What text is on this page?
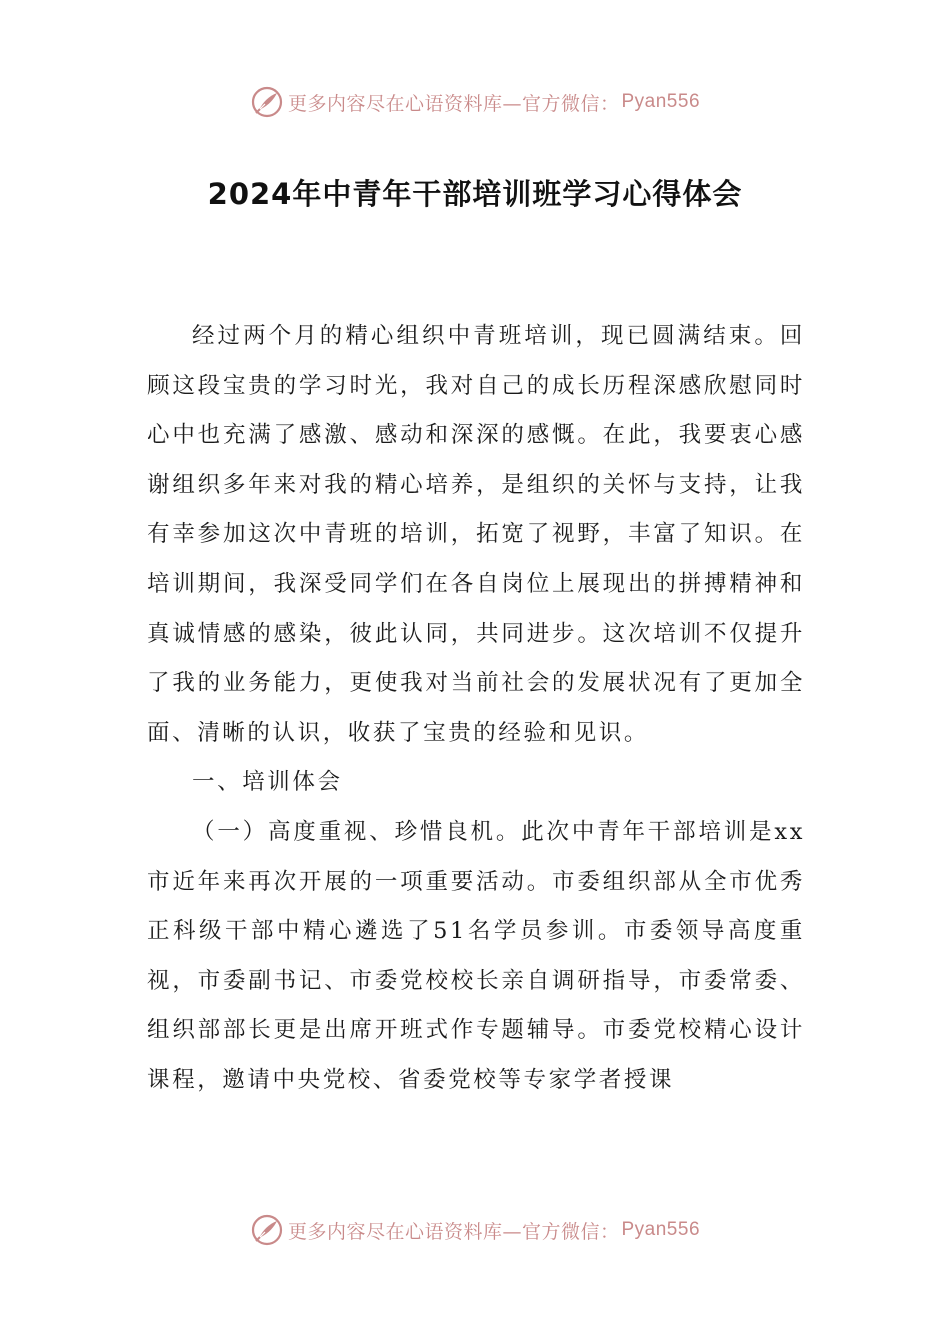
更多内容尽在心语资料库—官方微信： Pyan556
2024年中青年干部培训班学习心得体会

经过两个月的精心组织中青班培训，现已圆满结束。回顾这段宝贵的学习时光，我对自己的成长历程深感欣慰同时心中也充满了感激、感动和深深的感慨。在此，我要衷心感谢组织多年来对我的精心培养，是组织的关怀与支持，让我有幸参加这次中青班的培训，拓宽了视野，丰富了知识。在培训期间，我深受同学们在各自岗位上展现出的拼搏精神和真诚情感的感染，彼此认同，共同进步。这次培训不仅提升了我的业务能力，更使我对当前社会的发展状况有了更加全面、清晰的认识，收获了宝贵的经验和见识。

一、培训体会

（一）高度重视、珍惜良机。此次中青年干部培训是xx市近年来再次开展的一项重要活动。市委组织部从全市优秀正科级干部中精心遴选了51名学员参训。市委领导高度重视，市委副书记、市委党校校长亲自调研指导，市委常委、组织部部长更是出席开班式作专题辅导。市委党校精心设计课程，邀请中央党校、省委党校等专家学者授课

更多内容尽在心语资料库—官方微信： Pyan556
